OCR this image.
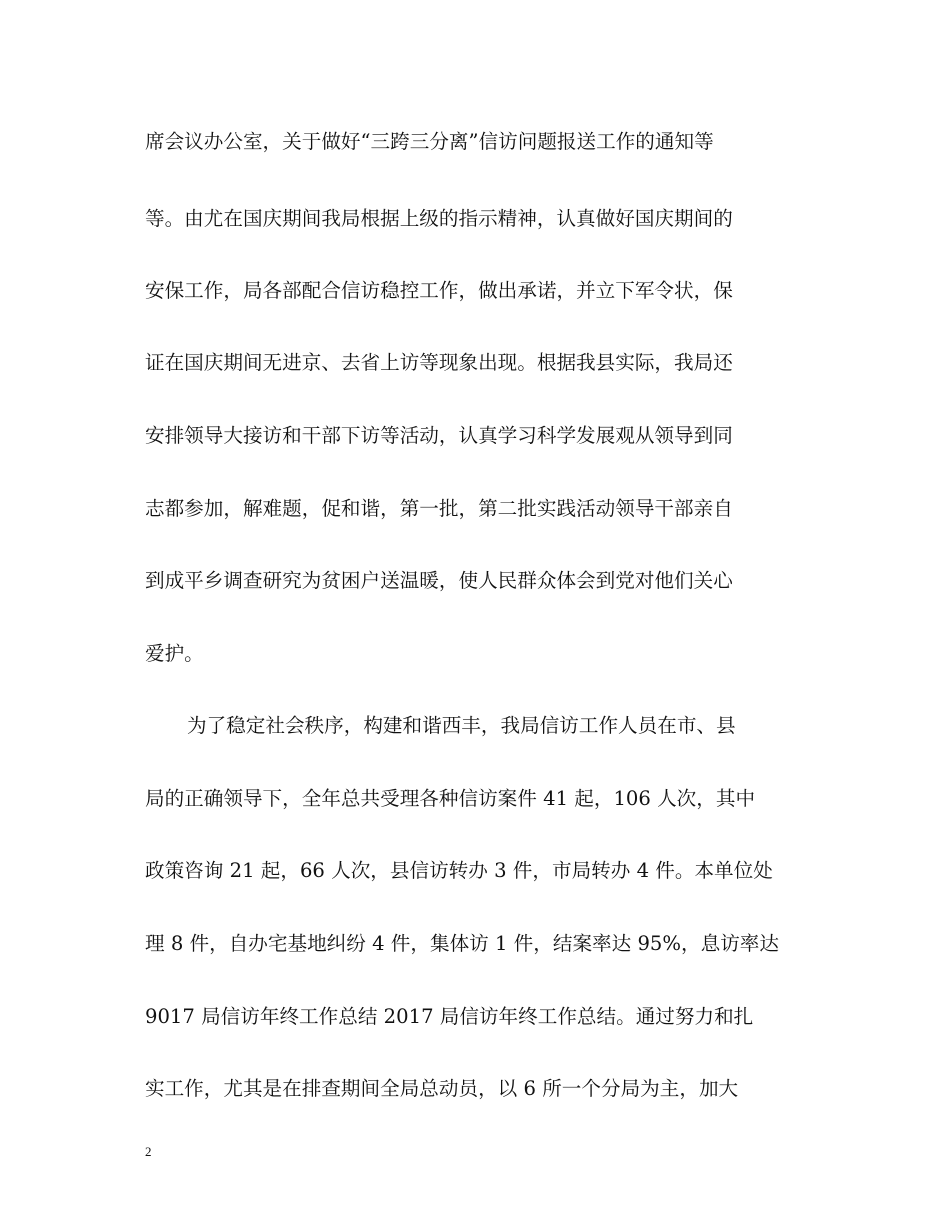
席会议办公室，关于做好“三跨三分离”信访问题报送工作的通知等
等。由尤在国庆期间我局根据上级的指示精神，认真做好国庆期间的
安保工作，局各部配合信访稳控工作，做出承诺，并立下军令状，保
证在国庆期间无进京、去省上访等现象出现。根据我县实际，我局还
安排领导大接访和干部下访等活动，认真学习科学发展观从领导到同
志都参加，解难题，促和谐，第一批，第二批实践活动领导干部亲自
到成平乡调查研究为贫困户送温暖，使人民群众体会到党对他们关心
爱护。
为了稳定社会秩序，构建和谐西丰，我局信访工作人员在市、县
局的正确领导下，全年总共受理各种信访案件 41 起，106 人次，其中
政策咨询 21 起，66 人次，县信访转办 3 件，市局转办 4 件。本单位处
理 8 件，自办宅基地纠纷 4 件，集体访 1 件，结案率达 95%，息访率达
9017 局信访年终工作总结 2017 局信访年终工作总结。通过努力和扎
实工作，尤其是在排查期间全局总动员，以 6 所一个分局为主，加大
2
